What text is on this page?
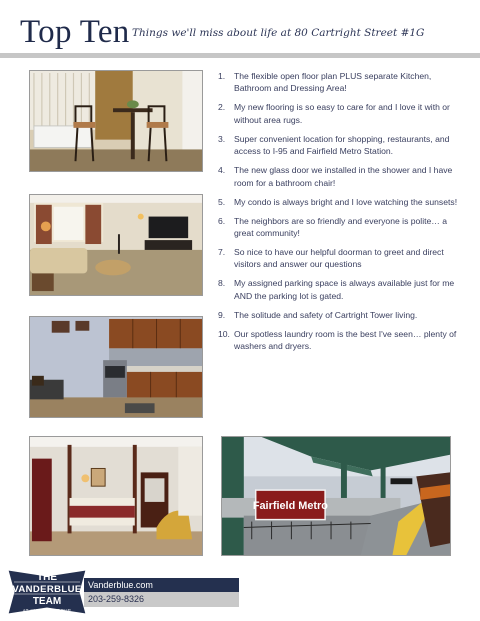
Top Ten Things we'll miss about life at 80 Cartright Street #1G
Fairfield Metro
1.	The flexible open floor plan PLUS separate Kitchen, Bathroom and Dressing Area!
2.	My new flooring is so easy to care for and I love it with or without area rugs.
3.	Super convenient location for shopping, restaurants, and access to I-95 and Fairfield Metro Station.
4.	The new glass door we installed in the shower and I have room for a bathroom chair!
5.	My condo is always bright and I love watching the sunsets!
6.	The neighbors are so friendly and everyone is polite… a great community!
7.	So nice to have our helpful doorman to greet and direct visitors and answer our questions
8.	My assigned parking space is always available just for me AND the parking lot is gated.
9.	The solitude and safety of Cartright Tower living.
10. Our spotless laundry room is the best I've seen… plenty of washers and dryers.
THE
VANDERBLUE
TEAM
AT HIGGINS GROUP
Vanderblue.com
203-259-8326
